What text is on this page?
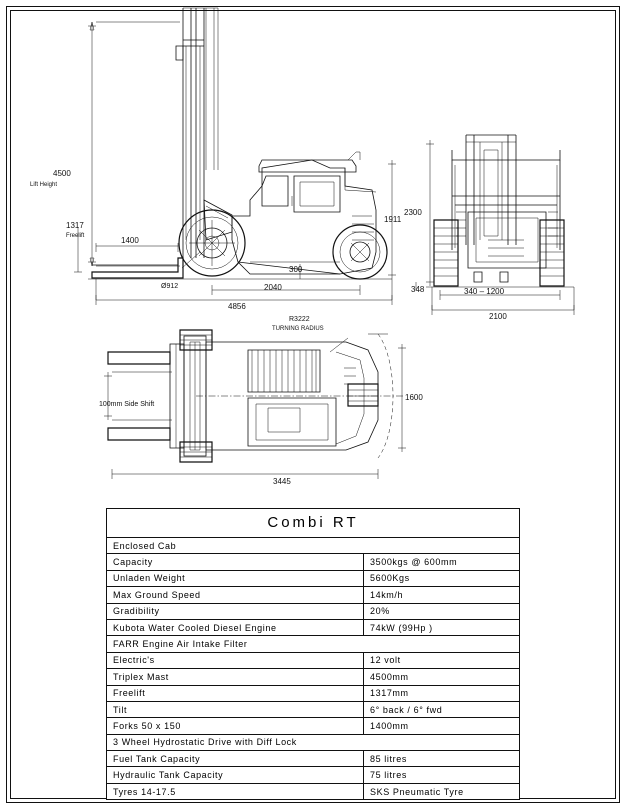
4500
Lift Height
1317
Freelift	1400
Ø912
300
2040
4856
1911
2300
348	340 – 1200
2100
R3222
TURNING RADIUS
100mm Side Shift
1600
3445
Combi RT
Enclosed Cab
Capacity	3500kgs @ 600mm
Unladen Weight	5600Kgs
Max Ground Speed	14km/h
Gradibility	20%
Kubota Water Cooled Diesel Engine	74kW (99Hp )
FARR Engine Air Intake Filter
Electric's	12 volt
Triplex Mast	4500mm
Freelift	1317mm
Tilt	6° back / 6° fwd
Forks 50 x 150	1400mm
3 Wheel Hydrostatic Drive with Diff Lock
Fuel Tank Capacity	85 litres
Hydraulic Tank Capacity	75 litres
Tyres 14-17.5	SKS Pneumatic Tyre
